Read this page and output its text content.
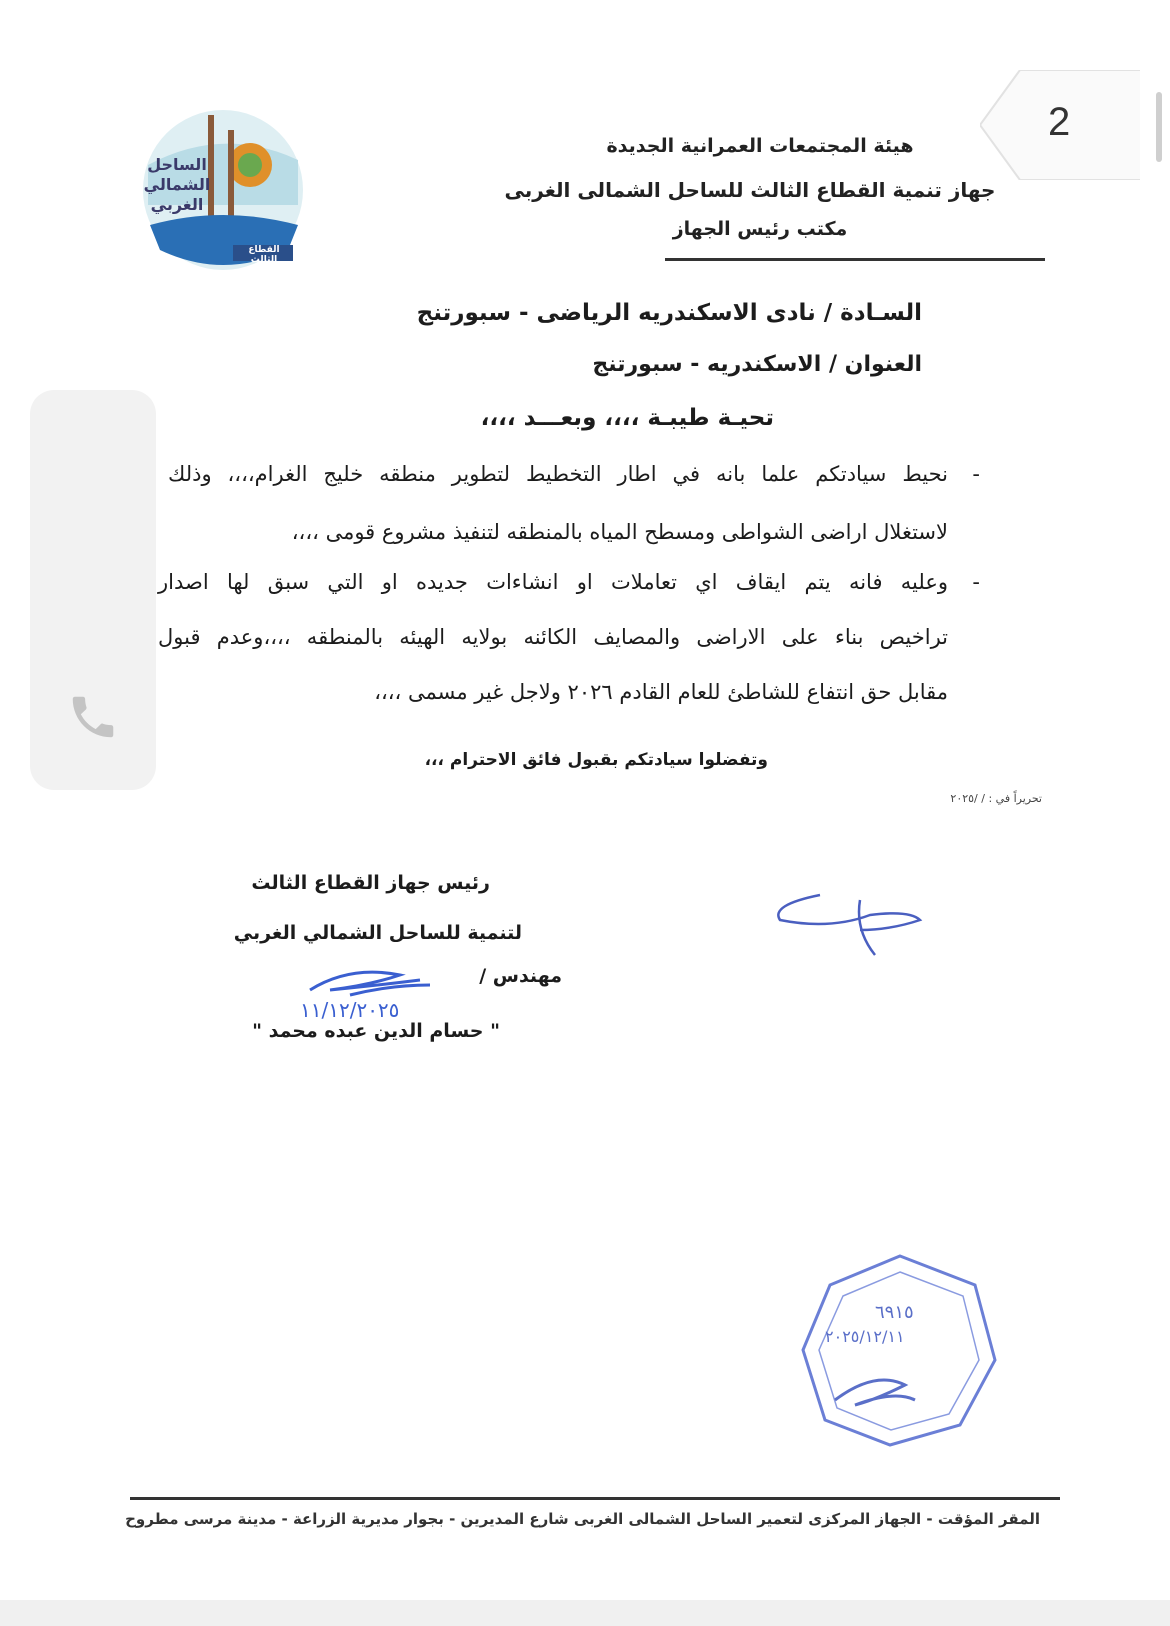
2
الساحل الشمالي الغربي
القطاع الثالث
هيئة المجتمعات العمرانية الجديدة
جهاز تنمية القطاع الثالث للساحل الشمالى الغربى
مكتب رئيس الجهاز
السـادة / نادى الاسكندريه الرياضى - سبورتنج
العنوان / الاسكندريه - سبورتنج
تحيـة طيبـة ،،،، وبعـــد ،،،،
-
نحيط سيادتكم علما بانه في اطار التخطيط لتطوير منطقه خليج الغرام،،،، وذلك
لاستغلال اراضى الشواطى ومسطح المياه بالمنطقه لتنفيذ مشروع قومى ،،،،
-
وعليه فانه يتم ايقاف اي تعاملات او انشاءات جديده او التي سبق لها اصدار
تراخيص بناء على الاراضى والمصايف الكائنه بولايه الهيئه بالمنطقه ،،،،وعدم قبول
مقابل حق انتفاع للشاطئ للعام القادم ٢٠٢٦ ولاجل غير مسمى ،،،،
وتفضلوا سيادتكم بقبول فائق الاحترام ،،،
تحريراً في : / /٢٠٢٥
رئيس جهاز القطاع الثالث
لتنمية للساحل الشمالي الغربي
مهندس /
" حسام الدين عبده محمد "
١١/١٢/٢٠٢٥
٦٩١٥
٢٠٢٥/١٢/١١
المقر المؤقت - الجهاز المركزى لتعمير الساحل الشمالى الغربى شارع المديرين - بجوار مديرية الزراعة - مدينة مرسى مطروح
